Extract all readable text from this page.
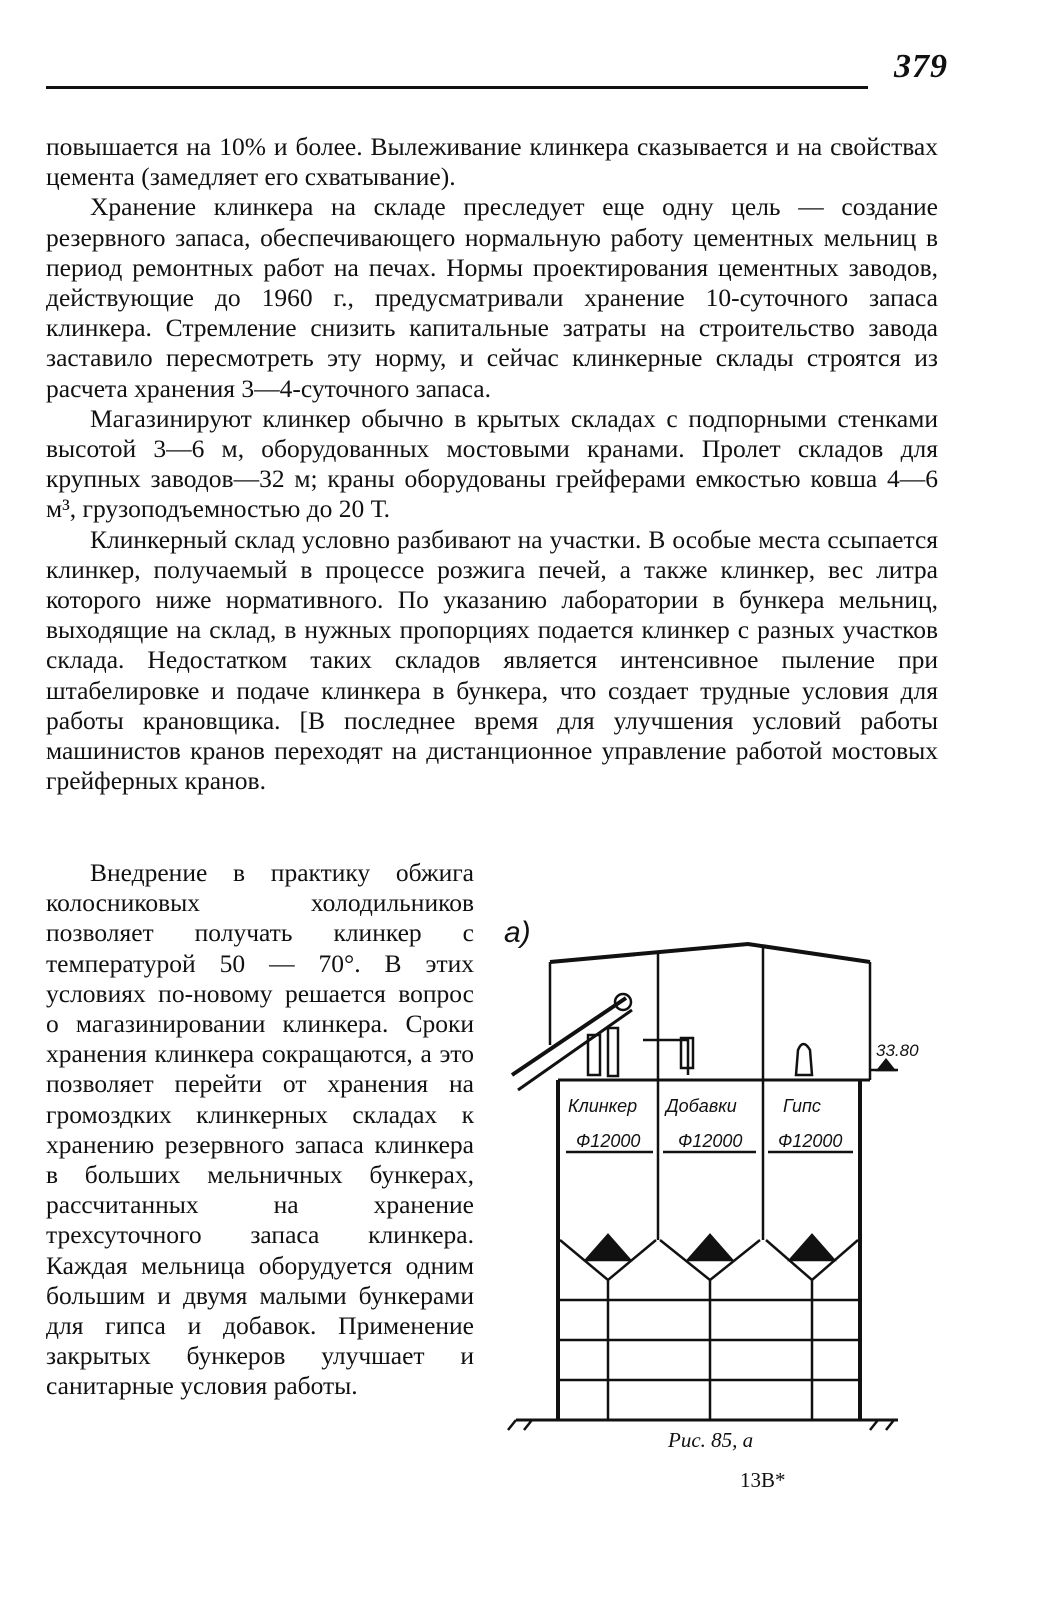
379

повышается на 10% и более. Вылеживание клинкера сказывается и на свойствах цемента (замедляет его схватывание).

Хранение клинкера на складе преследует еще одну цель — создание резервного запаса, обеспечивающего нормальную работу цементных мельниц в период ремонтных работ на печах. Нормы проектирования цементных заводов, действующие до 1960 г., предусматривали хранение 10-суточного запаса клинкера. Стремление снизить капитальные затраты на строительство завода заставило пересмотреть эту норму, и сейчас клинкерные склады строятся из расчета хранения 3—4-суточного запаса.

Магазинируют клинкер обычно в крытых складах с подпорными стенками высотой 3—6 м, оборудованных мостовыми кранами. Пролет складов для крупных заводов—32 м; краны оборудованы грейферами емкостью ковша 4—6 м³, грузоподъемностью до 20 Т.

Клинкерный склад условно разбивают на участки. В особые места ссыпается клинкер, получаемый в процессе розжига печей, а также клинкер, вес литра которого ниже нормативного. По указанию лаборатории в бункера мельниц, выходящие на склад, в нужных пропорциях подается клинкер с разных участков склада. Недостатком таких складов является интенсивное пыление при штабелировке и подаче клинкера в бункера, что создает трудные условия для работы крановщика. [В последнее время для улучшения условий работы машинистов кранов переходят на дистанционное управление работой мостовых грейферных кранов.

Внедрение в практику обжига колосниковых холодильников позволяет получать клинкер с температурой 50 — 70°. В этих условиях по-новому решается вопрос о магазинировании клинкера. Сроки хранения клинкера сокращаются, а это позволяет перейти от хранения на громоздких клинкерных складах к хранению резервного запаса клинкера в больших мельничных бункерах, рассчитанных на хранение трехсуточного запаса клинкера. Каждая мельница оборудуется одним большим и двумя малыми бункерами для гипса и добавок. Применение закрытых бункеров улучшает и санитарные условия работы.

a)
33.80
Клинкер Добавки	Гипс
Ф12000 Ф12000 Ф12000
Рис. 85, а
13В*
